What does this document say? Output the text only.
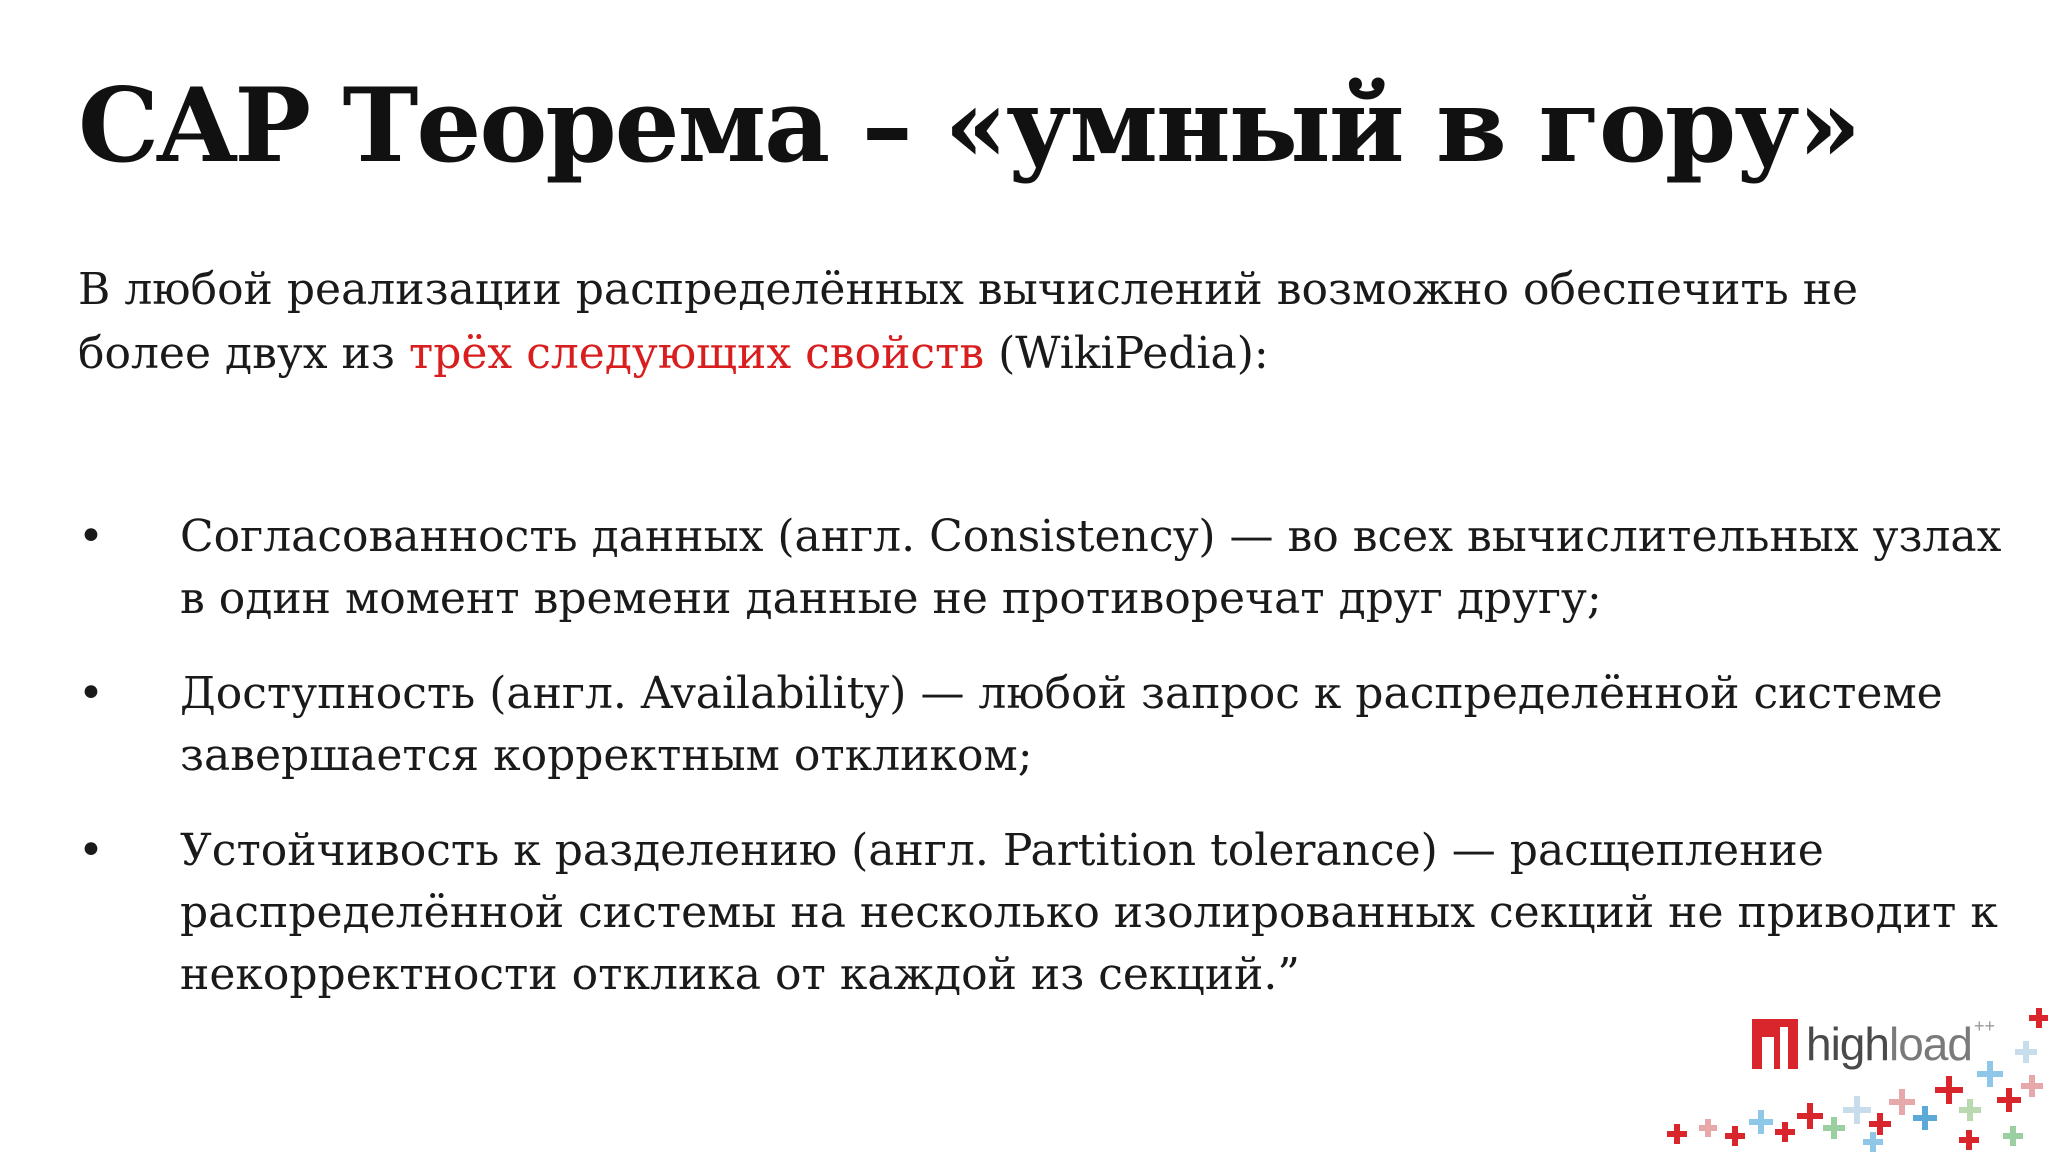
CAP Теорема – «умный в гору»

В любой реализации распределённых вычислений возможно обеспечить не более двух из трёх следующих свойств (WikiPedia):

•	Согласованность данных (англ. Consistency) — во всех вычислительных узлах в один момент времени данные не противоречат друг другу;
•	Доступность (англ. Availability) — любой запрос к распределённой системе завершается корректным откликом;
•	Устойчивость к разделению (англ. Partition tolerance) — расщепление распределённой системы на несколько изолированных секций не приводит к некорректности отклика от каждой из секций.”
highload ++
